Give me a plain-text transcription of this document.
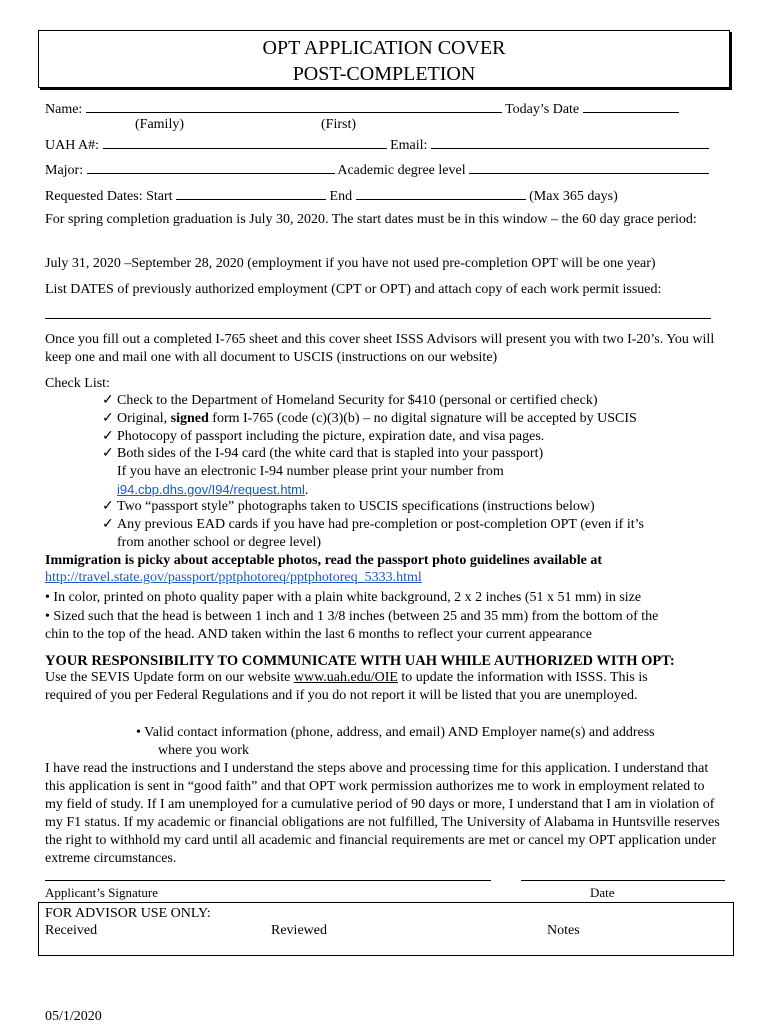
OPT APPLICATION COVER
POST-COMPLETION
Name:	Today’s Date
(Family)	(First)
UAH A#:	Email:
Major:	Academic degree level
Requested Dates: Start	End	(Max 365 days)
For spring completion graduation is July 30, 2020. The start dates must be in this window – the 60 day grace period:
July 31, 2020 –September 28, 2020 (employment if you have not used pre-completion OPT will be one year)
List DATES of previously authorized employment (CPT or OPT) and attach copy of each work permit issued:
Once you fill out a completed I-765 sheet and this cover sheet ISSS Advisors will present you with two I-20’s. You will keep one and mail one with all document to USCIS (instructions on our website)
Check List:
✓ Check to the Department of Homeland Security for $410 (personal or certified check)
✓ Original, signed form I-765 (code (c)(3)(b) – no digital signature will be accepted by USCIS
✓ Photocopy of passport including the picture, expiration date, and visa pages.
✓ Both sides of the I-94 card (the white card that is stapled into your passport)
If you have an electronic I-94 number please print your number from
i94.cbp.dhs.gov/I94/request.html.
✓ Two “passport style” photographs taken to USCIS specifications (instructions below)
✓ Any previous EAD cards if you have had pre-completion or post-completion OPT (even if it’s
from another school or degree level)
Immigration is picky about acceptable photos, read the passport photo guidelines available at
http://travel.state.gov/passport/pptphotoreq/pptphotoreq_5333.html
• In color, printed on photo quality paper with a plain white background, 2 x 2 inches (51 x 51 mm) in size
• Sized such that the head is between 1 inch and 1 3/8 inches (between 25 and 35 mm) from the bottom of the
chin to the top of the head. AND taken within the last 6 months to reflect your current appearance
YOUR RESPONSIBILITY TO COMMUNICATE WITH UAH WHILE AUTHORIZED WITH OPT:
Use the SEVIS Update form on our website www.uah.edu/OIE to update the information with ISSS. This is
required of you per Federal Regulations and if you do not report it will be listed that you are unemployed.
• Valid contact information (phone, address, and email) AND Employer name(s) and address
where you work
I have read the instructions and I understand the steps above and processing time for this application. I understand that this application is sent in “good faith” and that OPT work permission authorizes me to work in employment related to my field of study. If I am unemployed for a cumulative period of 90 days or more, I understand that I am in violation of my F1 status. If my academic or financial obligations are not fulfilled, The University of Alabama in Huntsville reserves the right to withhold my card until all academic and financial requirements are met or cancel my OPT application under extreme circumstances.
Applicant’s Signature	Date
FOR ADVISOR USE ONLY:
Received	Reviewed	Notes
05/1/2020
